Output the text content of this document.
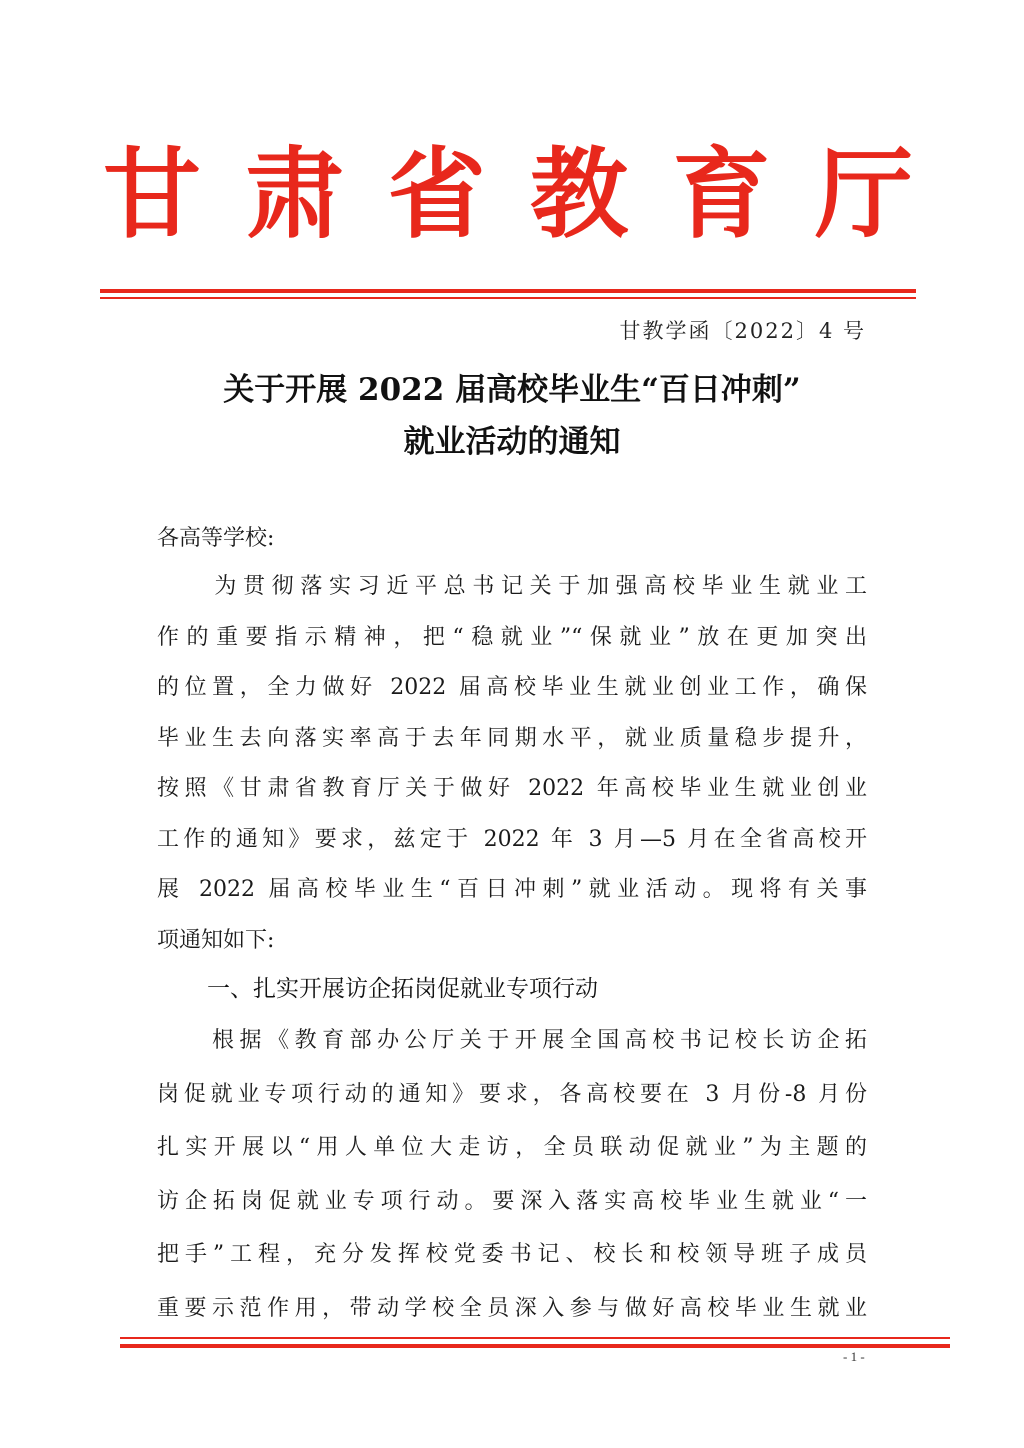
甘 肃 省 教 育 厅
甘教学函〔2022〕4 号
关于开展 2022 届高校毕业生“百日冲刺”
就业活动的通知
各高等学校:
　　为贯彻落实习近平总书记关于加强高校毕业生就业工
作的重要指示精神，把“稳就业”“保就业”放在更加突出
的位置，全力做好 2022 届高校毕业生就业创业工作，确保
毕业生去向落实率高于去年同期水平，就业质量稳步提升，
按照《甘肃省教育厅关于做好 2022 年高校毕业生就业创业
工作的通知》要求，兹定于 2022 年 3 月—5 月在全省高校开
展 2022 届高校毕业生“百日冲刺”就业活动。现将有关事
项通知如下:
一、扎实开展访企拓岗促就业专项行动
　　根据《教育部办公厅关于开展全国高校书记校长访企拓
岗促就业专项行动的通知》要求，各高校要在 3 月份-8 月份
扎实开展以“用人单位大走访，全员联动促就业”为主题的
访企拓岗促就业专项行动。要深入落实高校毕业生就业“一
把手”工程，充分发挥校党委书记、校长和校领导班子成员
重要示范作用，带动学校全员深入参与做好高校毕业生就业
- 1 -
